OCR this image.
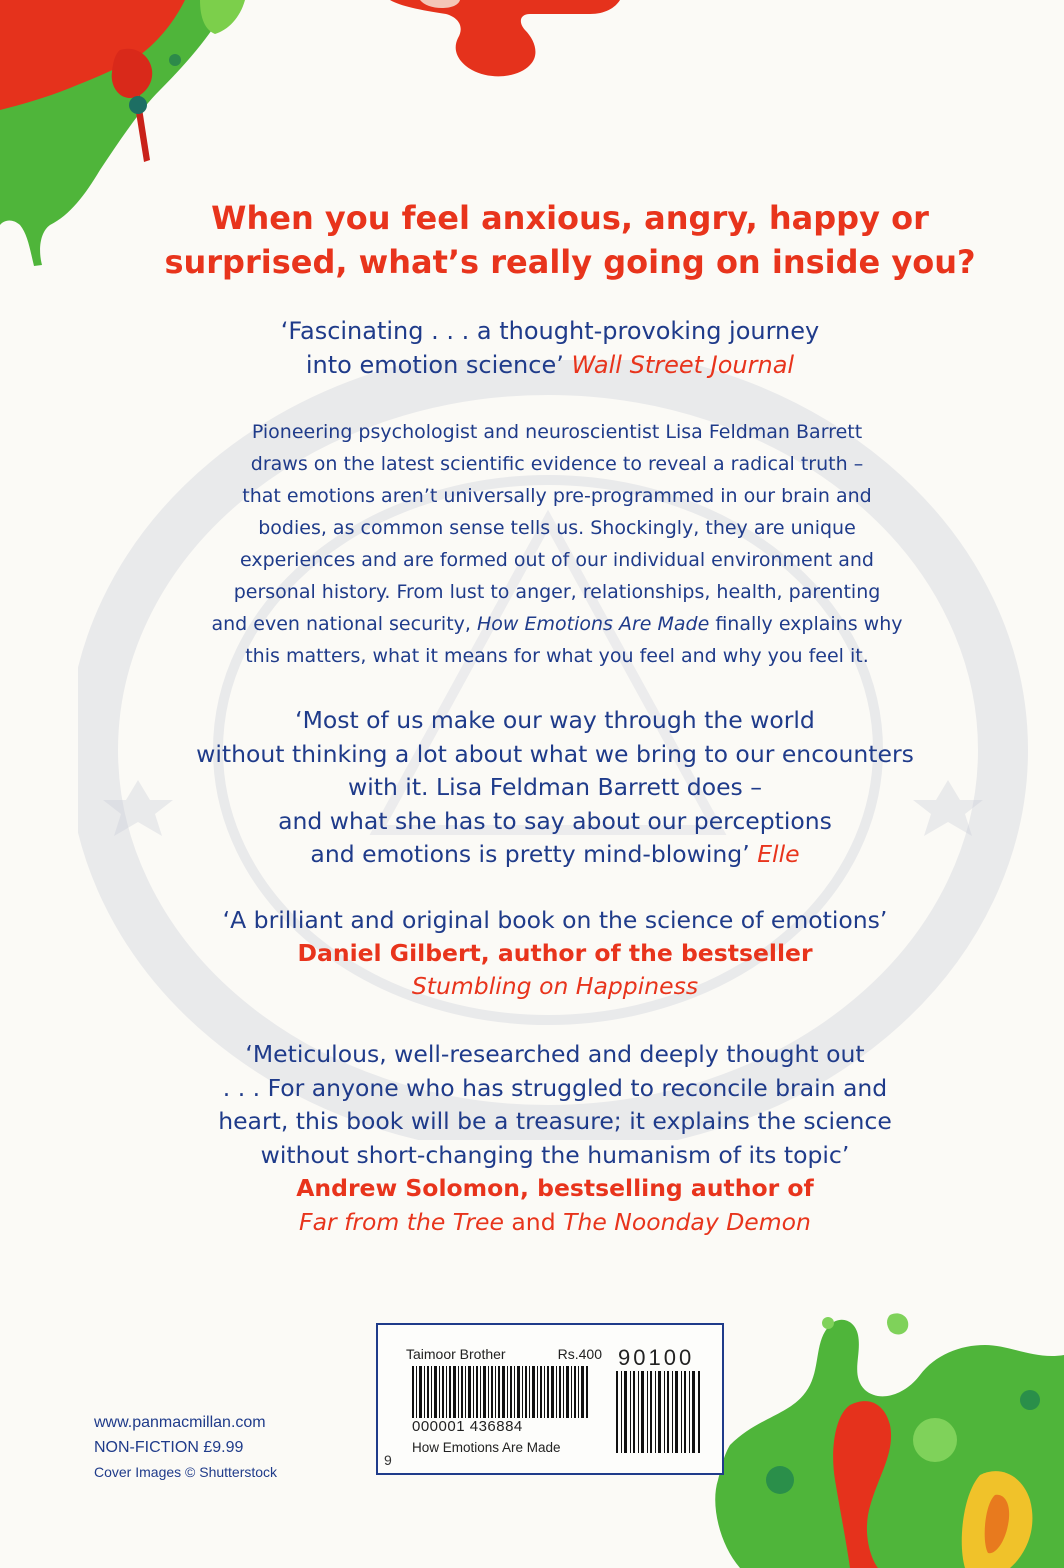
When you feel anxious, angry, happy or
surprised, what’s really going on inside you?
‘Fascinating . . . a thought-provoking journey
into emotion science’ Wall Street Journal
Pioneering psychologist and neuroscientist Lisa Feldman Barrett
draws on the latest scientific evidence to reveal a radical truth –
that emotions aren’t universally pre-programmed in our brain and
bodies, as common sense tells us. Shockingly, they are unique
experiences and are formed out of our individual environment and
personal history. From lust to anger, relationships, health, parenting
and even national security, How Emotions Are Made finally explains why
this matters, what it means for what you feel and why you feel it.
‘Most of us make our way through the world
without thinking a lot about what we bring to our encounters
with it. Lisa Feldman Barrett does –
and what she has to say about our perceptions
and emotions is pretty mind-blowing’ Elle
‘A brilliant and original book on the science of emotions’
Daniel Gilbert, author of the bestseller
Stumbling on Happiness
‘Meticulous, well-researched and deeply thought out
. . . For anyone who has struggled to reconcile brain and
heart, this book will be a treasure; it explains the science
without short-changing the humanism of its topic’
Andrew Solomon, bestselling author of
Far from the Tree and The Noonday Demon
www.panmacmillan.com
NON-FICTION £9.99
Cover Images © Shutterstock
Taimoor Brother	Rs.400
000001 436884
How Emotions Are Made
9
90100
